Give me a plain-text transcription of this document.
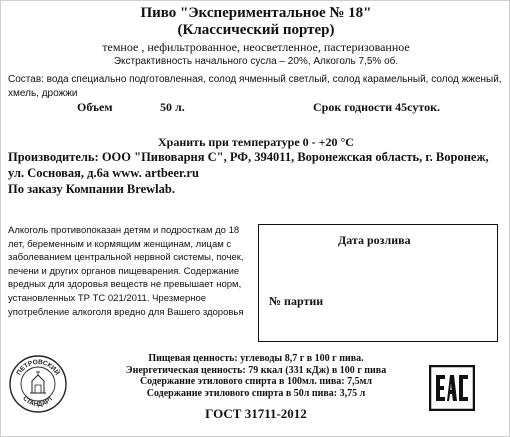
Пиво "Экспериментальное № 18"
(Классический портер)
темное , нефильтрованное, неосветленное, пастеризованное
Экстрактивность начального сусла – 20%, Алкоголь 7,5% об.
Состав: вода специально подготовленная, солод ячменный светлый, солод карамельный, солод жженый, хмель, дрожжи
Объем	50 л.	Срок годности 45суток.
Хранить при температуре 0 - +20 °С
Производитель: ООО "Пивоварня С", РФ, 394011, Воронежская область, г. Воронеж, ул. Сосновая, д.6а www. artbeer.ru
По заказу Компании Brewlab.
Алкоголь противопоказан детям и подросткам до 18 лет, беременным и кормящим женщинам, лицам с заболеванием центральной нервной системы, почек, печени и других органов пищеварения. Содержание вредных для здоровья веществ не превышает норм, установленных ТР ТС 021/2011. Чрезмерное употребление алкоголя вредно для Вашего здоровья
Дата розлива
№ партии
ПЕТРОВСКИЙ
СТАНДАРТ
Пищевая ценность: углеводы 8,7 г в 100 г пива.
Энергетическая ценность: 79 ккал (331 кДж) в 100 г пива
Содержание этилового спирта в 100мл. пива: 7,5мл
Содержание этилового спирта в 50л пива: 3,75 л
ГОСТ 31711-2012
